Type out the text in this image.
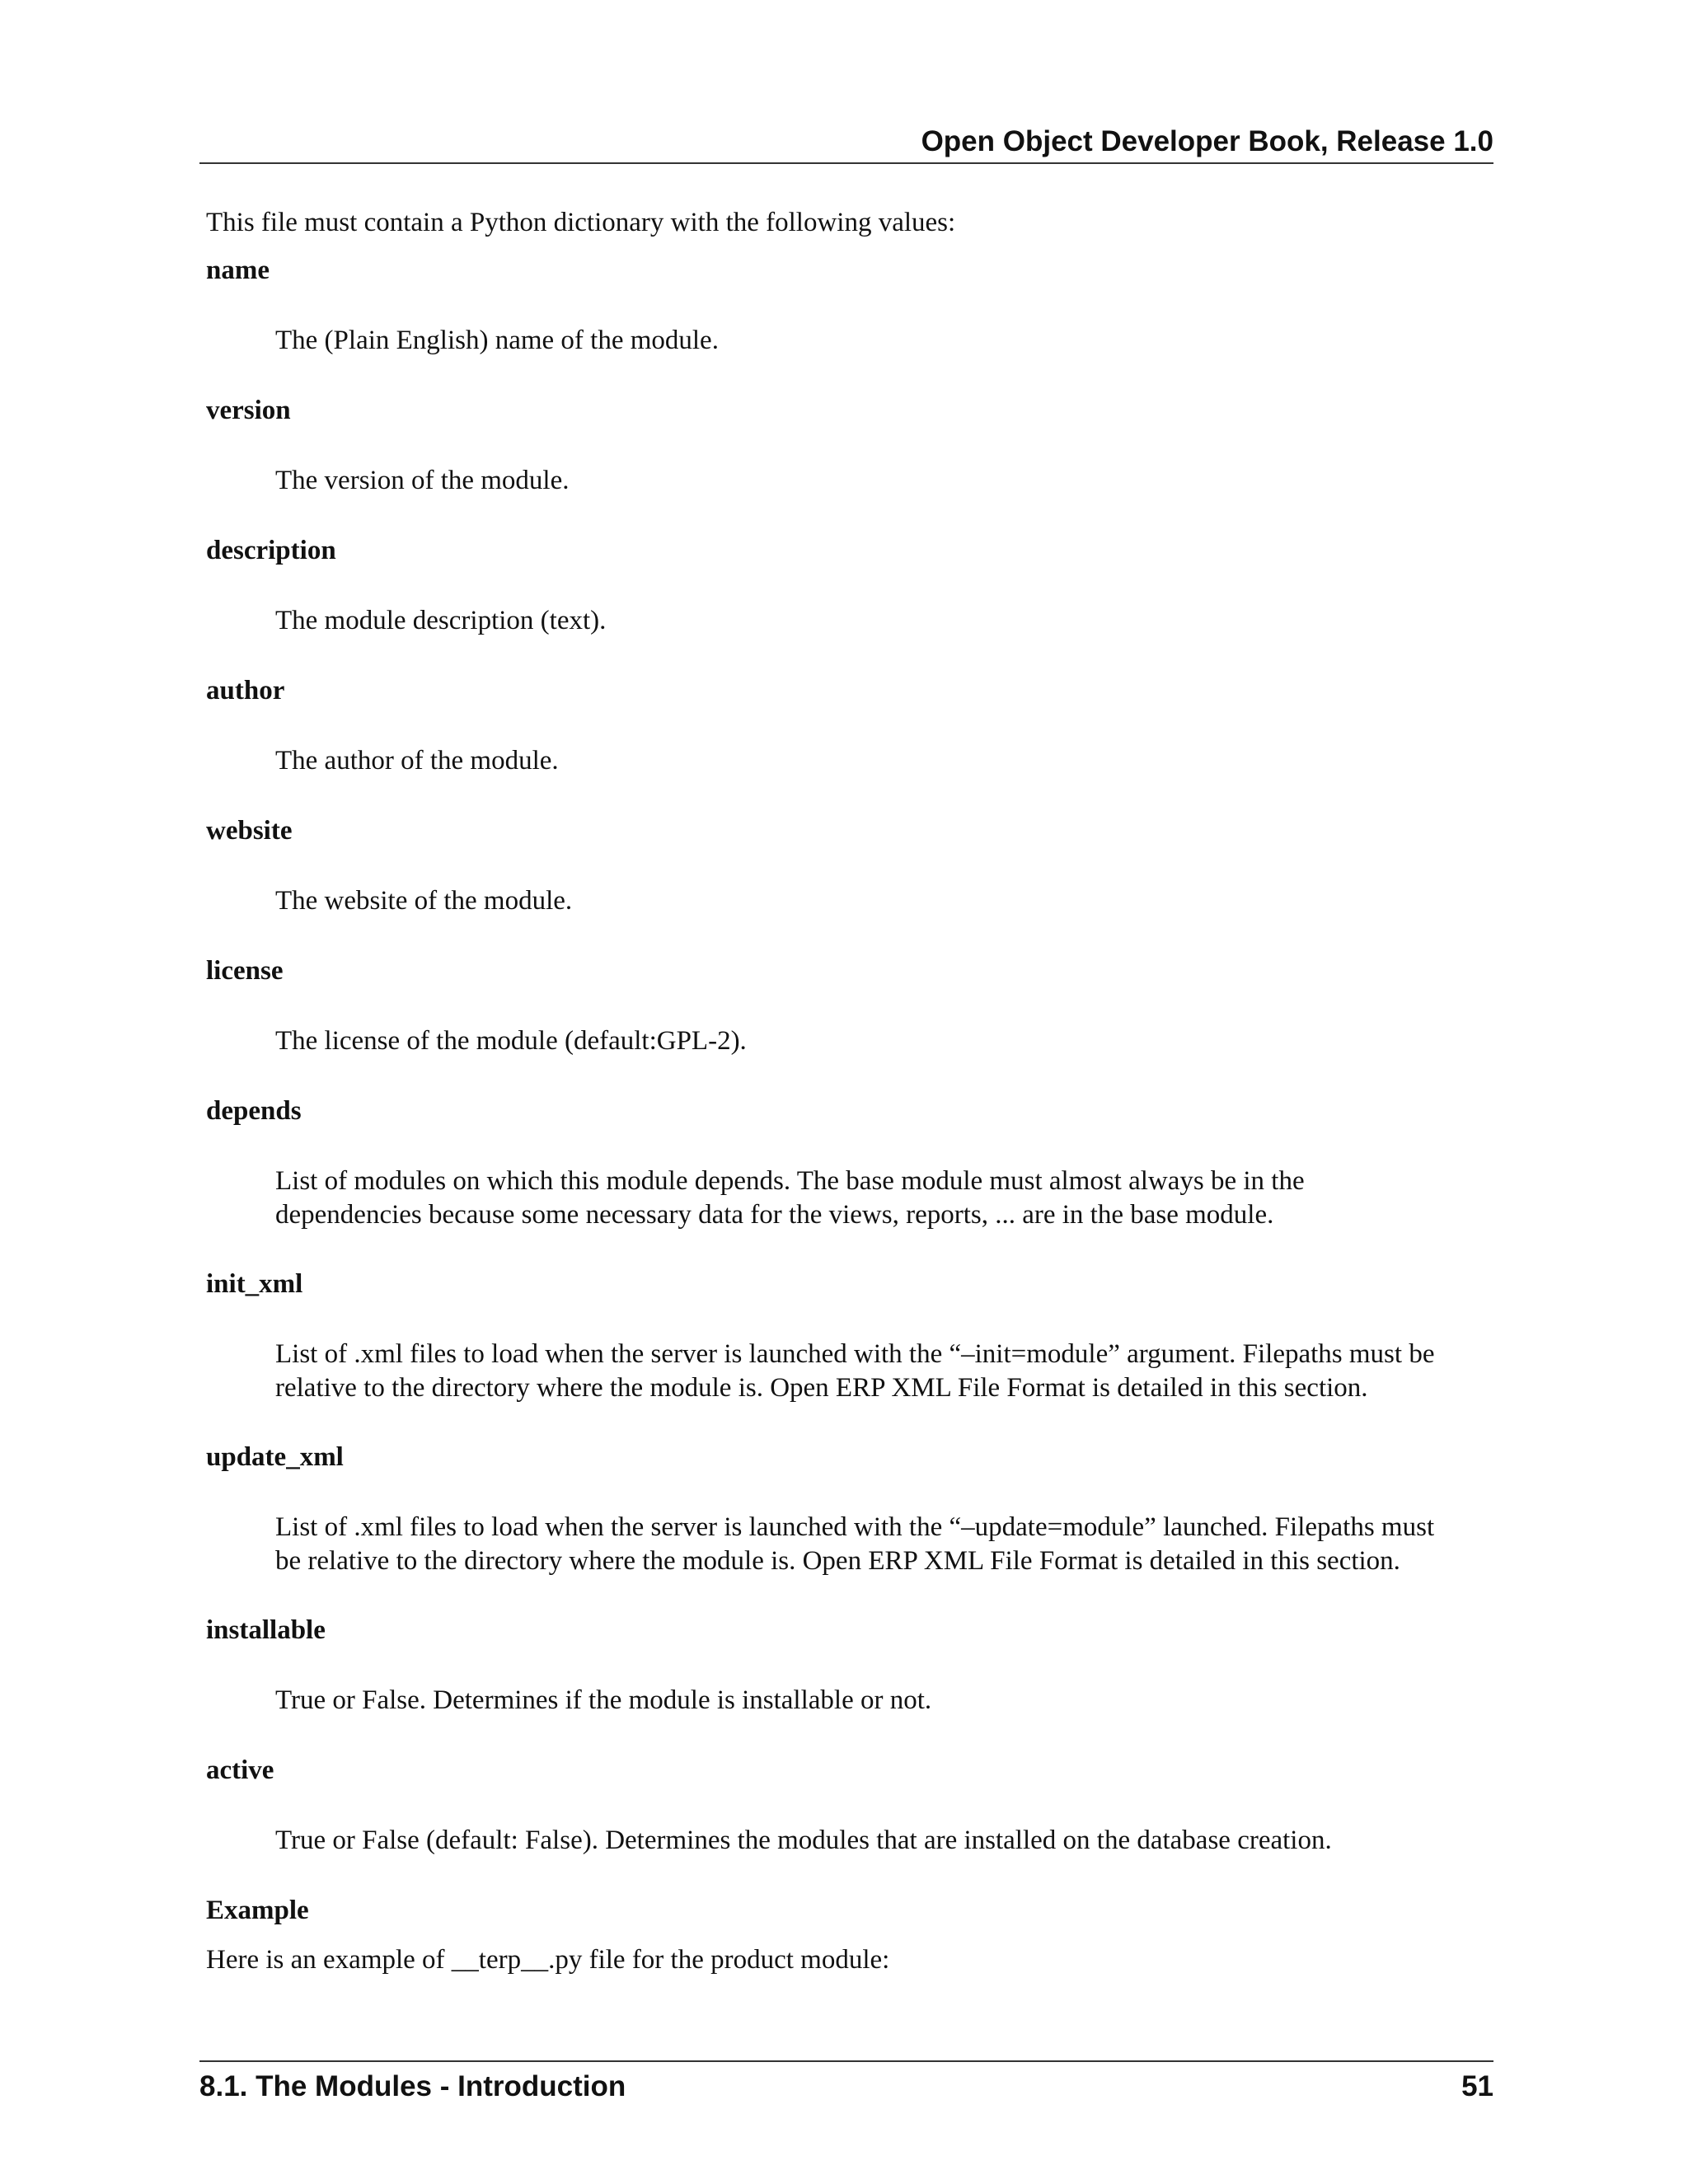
Open Object Developer Book, Release 1.0

This file must contain a Python dictionary with the following values:

name

The (Plain English) name of the module.

version

The version of the module.

description

The module description (text).

author

The author of the module.

website

The website of the module.

license

The license of the module (default:GPL-2).

depends

List of modules on which this module depends. The base module must almost always be in the dependencies because some necessary data for the views, reports, ... are in the base module.

init_xml

List of .xml files to load when the server is launched with the “–init=module” argument. Filepaths must be relative to the directory where the module is. Open ERP XML File Format is detailed in this section.

update_xml

List of .xml files to load when the server is launched with the “–update=module” launched. Filepaths must be relative to the directory where the module is. Open ERP XML File Format is detailed in this section.

installable

True or False. Determines if the module is installable or not.

active

True or False (default: False). Determines the modules that are installed on the database creation.

Example

Here is an example of __terp__.py file for the product module:

8.1. The Modules - Introduction	51
